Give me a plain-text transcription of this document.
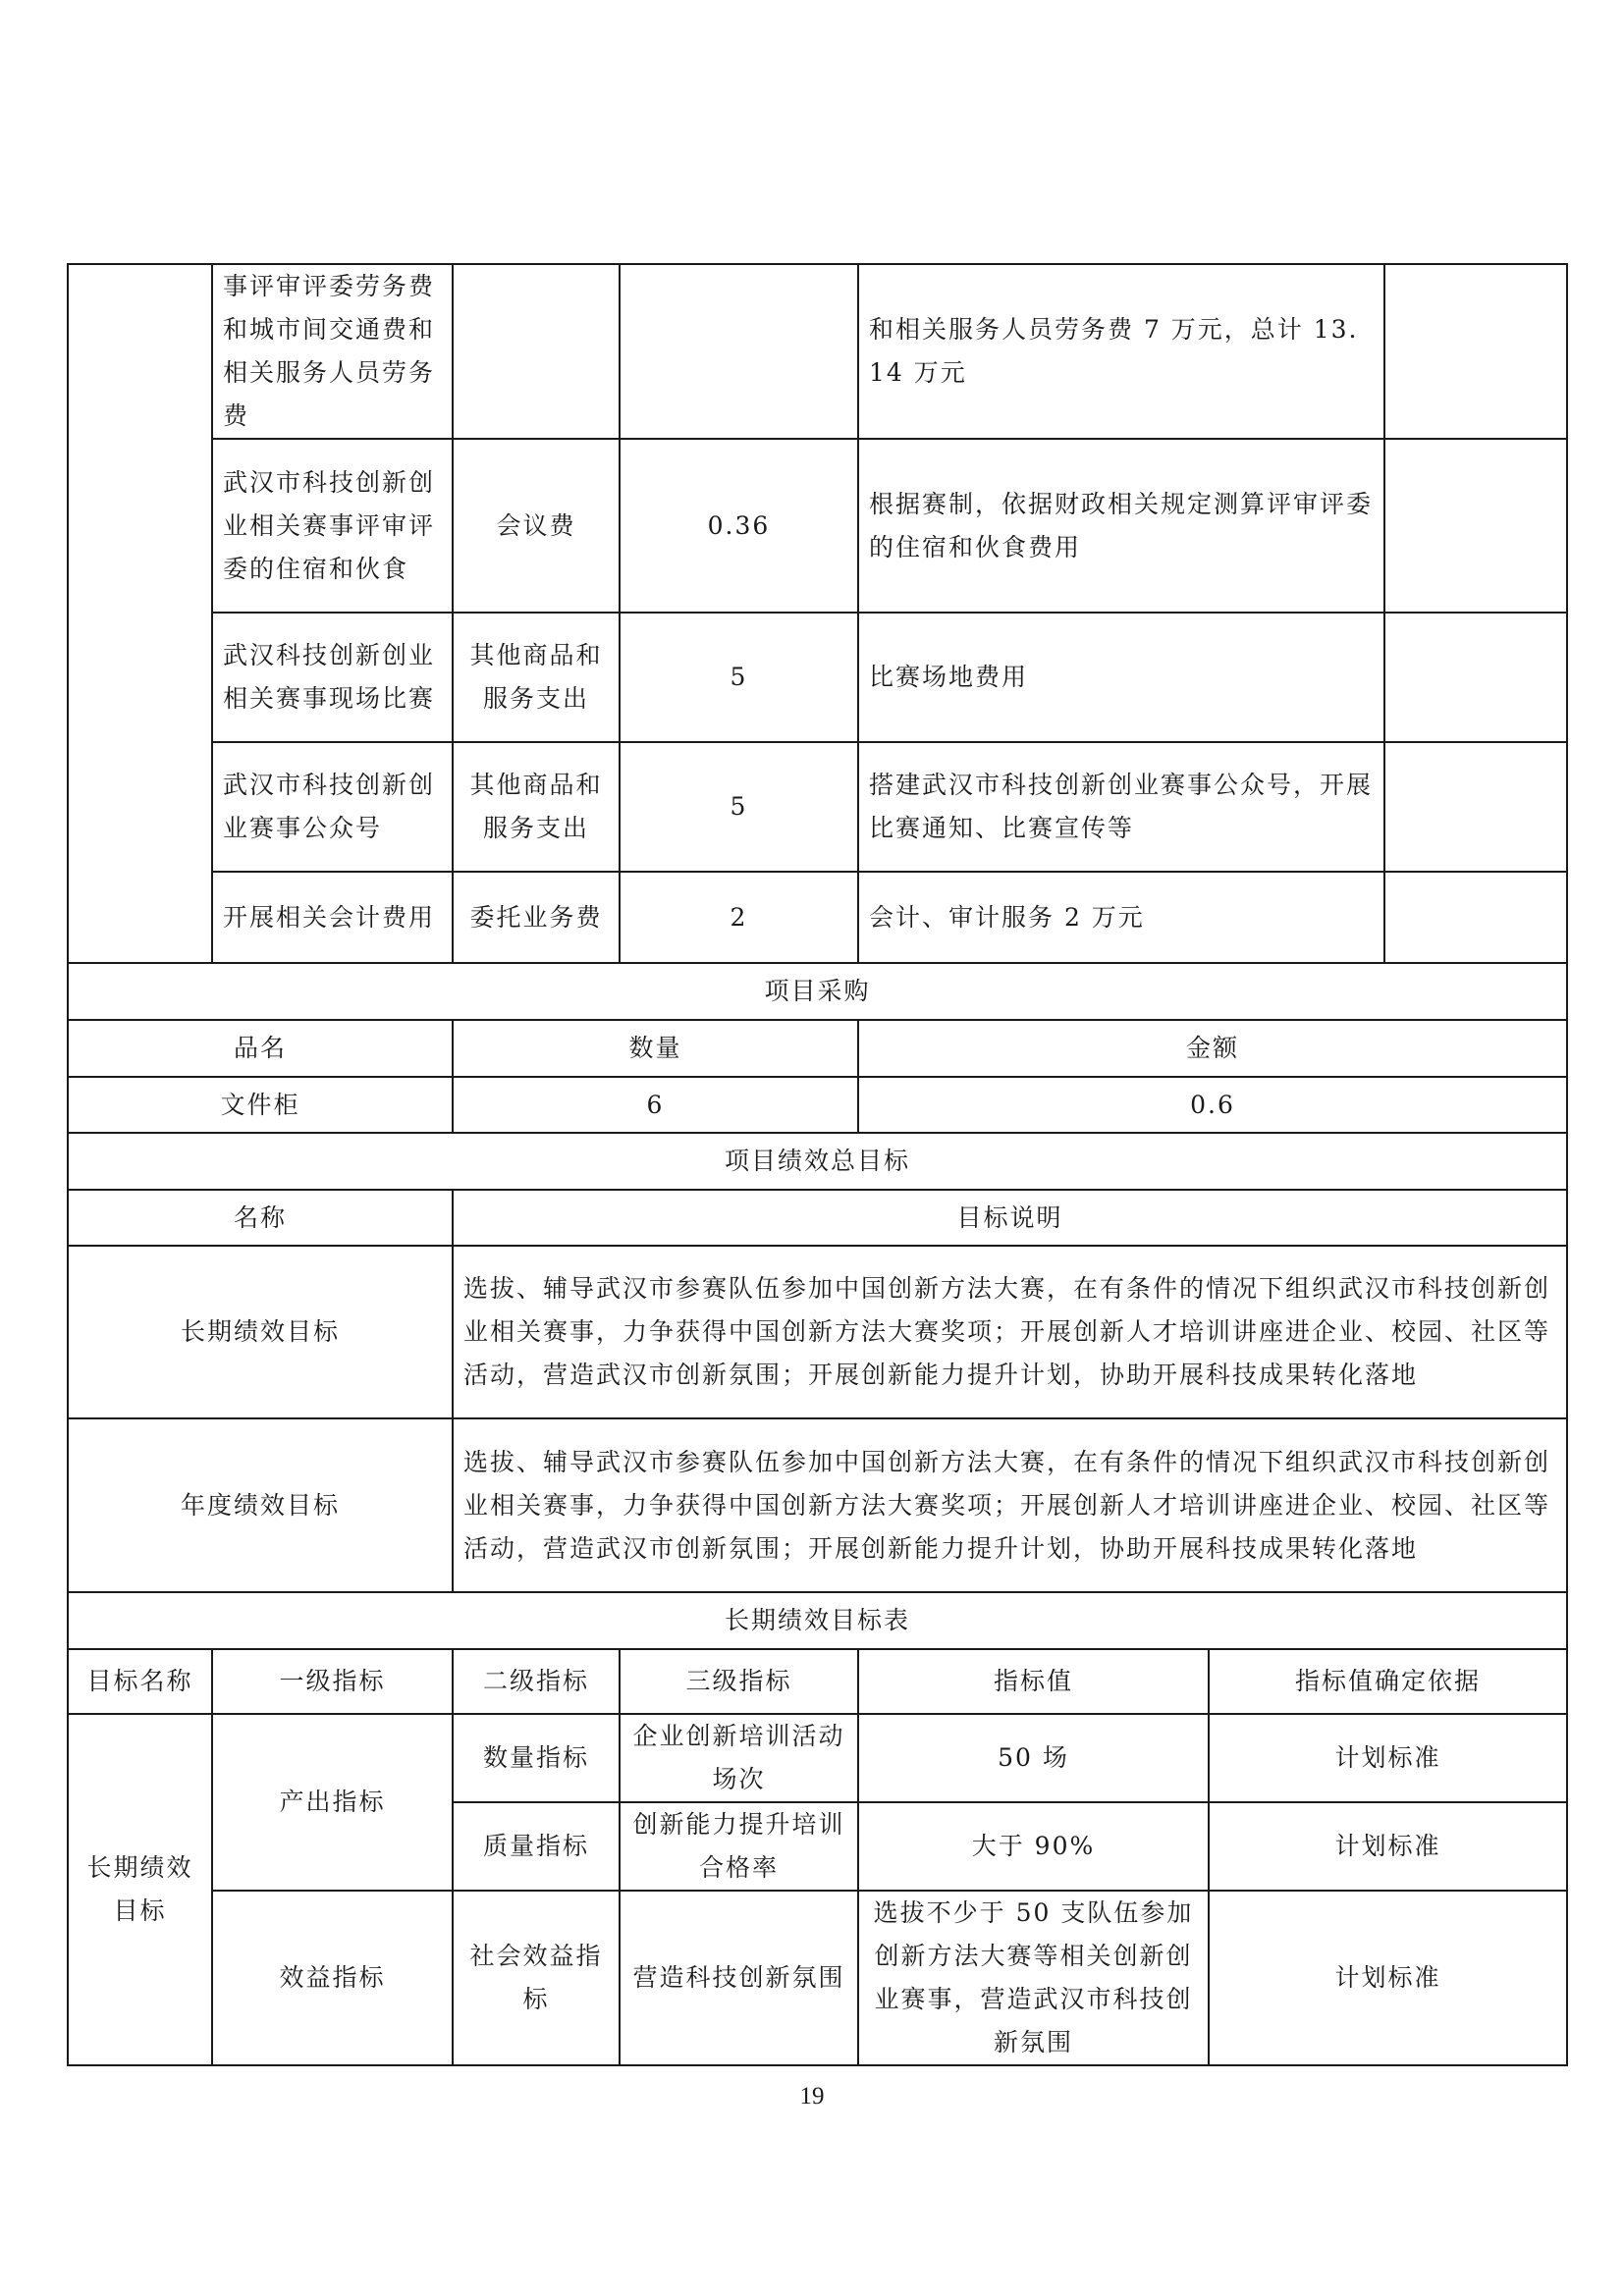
	事评审评委劳务费和城市间交通费和相关服务人员劳务费			和相关服务人员劳务费 7 万元，总计 13.14 万元		
	武汉市科技创新创业相关赛事评审评委的住宿和伙食	会议费	0.36	根据赛制，依据财政相关规定测算评审评委的住宿和伙食费用		
	武汉科技创新创业相关赛事现场比赛	其他商品和服务支出	5	比赛场地费用		
	武汉市科技创新创业赛事公众号	其他商品和服务支出	5	搭建武汉市科技创新创业赛事公众号，开展比赛通知、比赛宣传等		
	开展相关会计费用	委托业务费	2	会计、审计服务 2 万元		
项目采购						
品名		数量		金额		
文件柜		6		0.6		
项目绩效总目标						
名称		目标说明				
长期绩效目标		选拔、辅导武汉市参赛队伍参加中国创新方法大赛，在有条件的情况下组织武汉市科技创新创业相关赛事，力争获得中国创新方法大赛奖项；开展创新人才培训讲座进企业、校园、社区等活动，营造武汉市创新氛围；开展创新能力提升计划，协助开展科技成果转化落地				
年度绩效目标		选拔、辅导武汉市参赛队伍参加中国创新方法大赛，在有条件的情况下组织武汉市科技创新创业相关赛事，力争获得中国创新方法大赛奖项；开展创新人才培训讲座进企业、校园、社区等活动，营造武汉市创新氛围；开展创新能力提升计划，协助开展科技成果转化落地				
长期绩效目标表						
目标名称	一级指标	二级指标	三级指标	指标值	指标值确定依据	
长期绩效目标	产出指标	数量指标	企业创新培训活动场次	50 场	计划标准	
		质量指标	创新能力提升培训合格率	大于 90%	计划标准	
	效益指标	社会效益指标	营造科技创新氛围	选拔不少于 50 支队伍参加创新方法大赛等相关创新创业赛事，营造武汉市科技创新氛围	计划标准	
19
